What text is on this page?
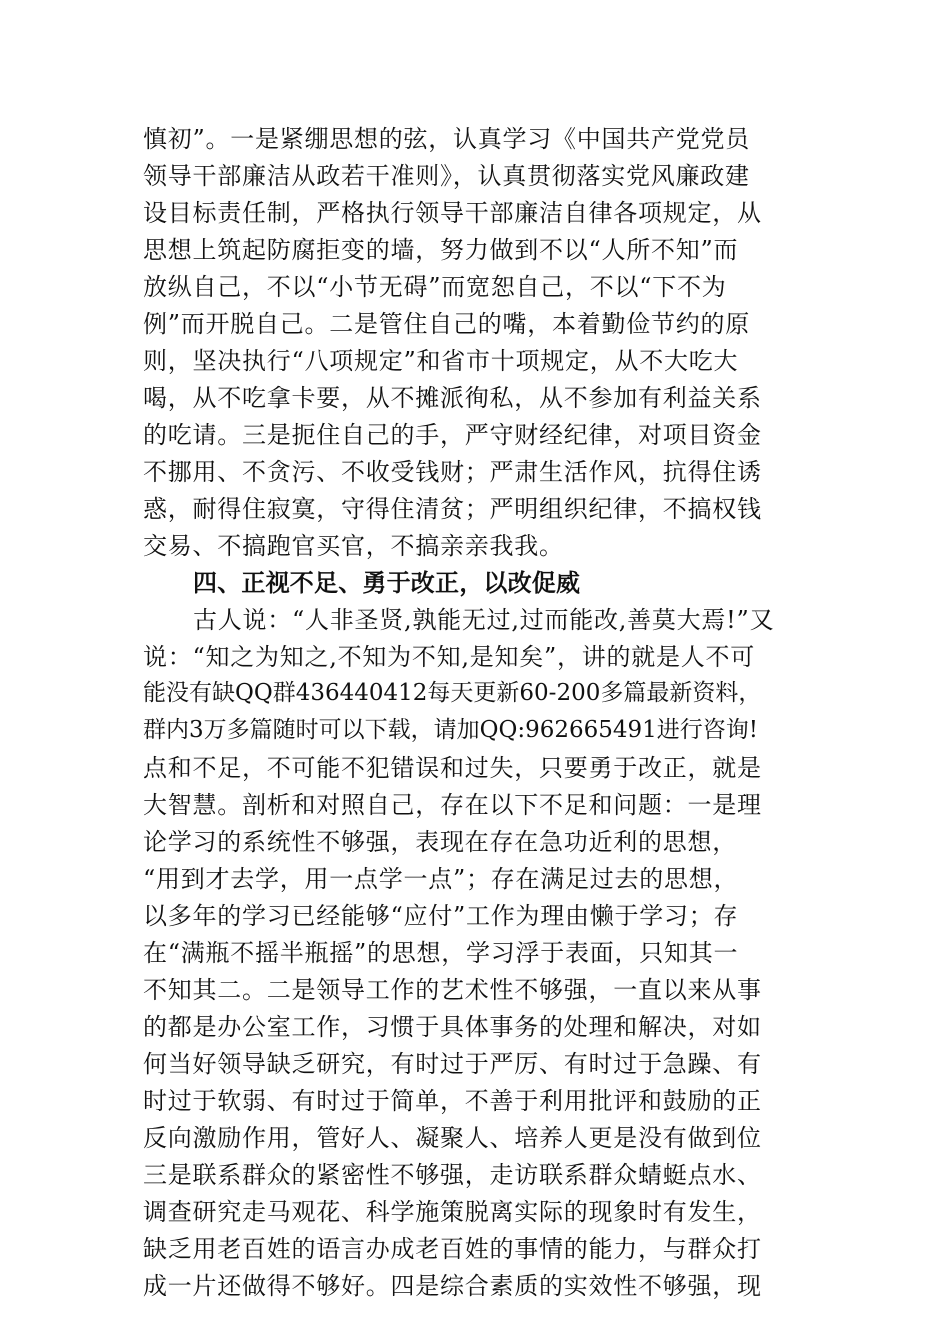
慎初”。一是紧绷思想的弦，认真学习《中国共产党党员
领导干部廉洁从政若干准则》，认真贯彻落实党风廉政建
设目标责任制，严格执行领导干部廉洁自律各项规定，从
思想上筑起防腐拒变的墙，努力做到不以“人所不知”而
放纵自己，不以“小节无碍”而宽恕自己，不以“下不为
例”而开脱自己。二是管住自己的嘴，本着勤俭节约的原
则，坚决执行“八项规定”和省市十项规定，从不大吃大
喝，从不吃拿卡要，从不摊派徇私，从不参加有利益关系
的吃请。三是扼住自己的手，严守财经纪律，对项目资金
不挪用、不贪污、不收受钱财；严肃生活作风，抗得住诱
惑，耐得住寂寞，守得住清贫；严明组织纪律，不搞权钱
交易、不搞跑官买官，不搞亲亲我我。
四、正视不足、勇于改正，以改促威
古人说：“人非圣贤,孰能无过,过而能改,善莫大焉!”又
说：“知之为知之,不知为不知,是知矣”，讲的就是人不可
能没有缺QQ群436440412每天更新60-200多篇最新资料，
群内3万多篇随时可以下载，请加QQ:962665491进行咨询!
点和不足，不可能不犯错误和过失，只要勇于改正，就是
大智慧。剖析和对照自己，存在以下不足和问题：一是理
论学习的系统性不够强，表现在存在急功近利的思想，
“用到才去学，用一点学一点”；存在满足过去的思想，
以多年的学习已经能够“应付”工作为理由懒于学习；存
在“满瓶不摇半瓶摇”的思想，学习浮于表面，只知其一
不知其二。二是领导工作的艺术性不够强，一直以来从事
的都是办公室工作，习惯于具体事务的处理和解决，对如
何当好领导缺乏研究，有时过于严厉、有时过于急躁、有
时过于软弱、有时过于简单，不善于利用批评和鼓励的正
反向激励作用，管好人、凝聚人、培养人更是没有做到位
三是联系群众的紧密性不够强，走访联系群众蜻蜓点水、
调查研究走马观花、科学施策脱离实际的现象时有发生，
缺乏用老百姓的语言办成老百姓的事情的能力，与群众打
成一片还做得不够好。四是综合素质的实效性不够强，现
